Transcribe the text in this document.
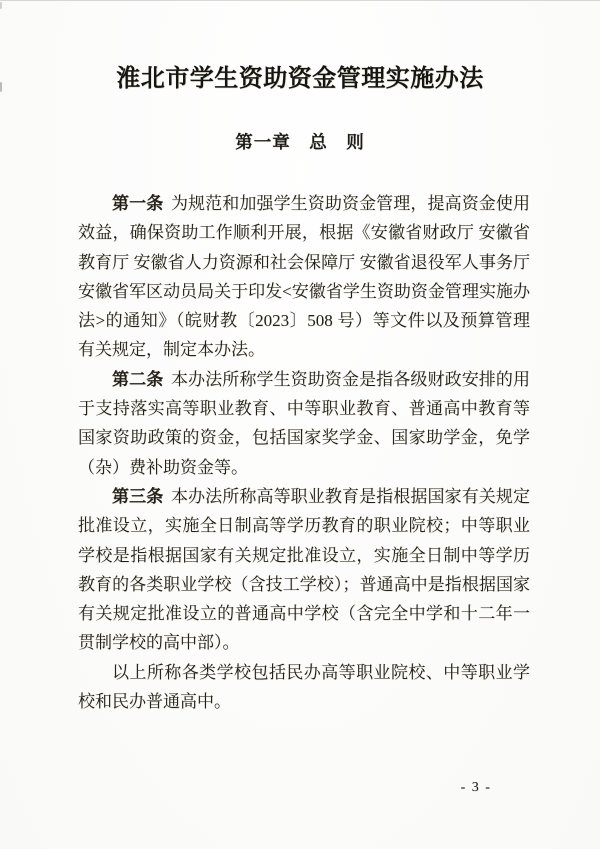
淮北市学生资助资金管理实施办法
第一章　总　则

第一条 为规范和加强学生资助资金管理，提高资金使用效益，确保资助工作顺利开展，根据《安徽省财政厅 安徽省教育厅 安徽省人力资源和社会保障厅 安徽省退役军人事务厅 安徽省军区动员局关于印发<安徽省学生资助资金管理实施办法>的通知》（皖财教〔2023〕508 号）等文件以及预算管理有关规定，制定本办法。

第二条 本办法所称学生资助资金是指各级财政安排的用于支持落实高等职业教育、中等职业教育、普通高中教育等国家资助政策的资金，包括国家奖学金、国家助学金，免学（杂）费补助资金等。

第三条 本办法所称高等职业教育是指根据国家有关规定批准设立，实施全日制高等学历教育的职业院校；中等职业学校是指根据国家有关规定批准设立，实施全日制中等学历教育的各类职业学校（含技工学校）；普通高中是指根据国家有关规定批准设立的普通高中学校（含完全中学和十二年一贯制学校的高中部）。

以上所称各类学校包括民办高等职业院校、中等职业学校和民办普通高中。

- 3 -
